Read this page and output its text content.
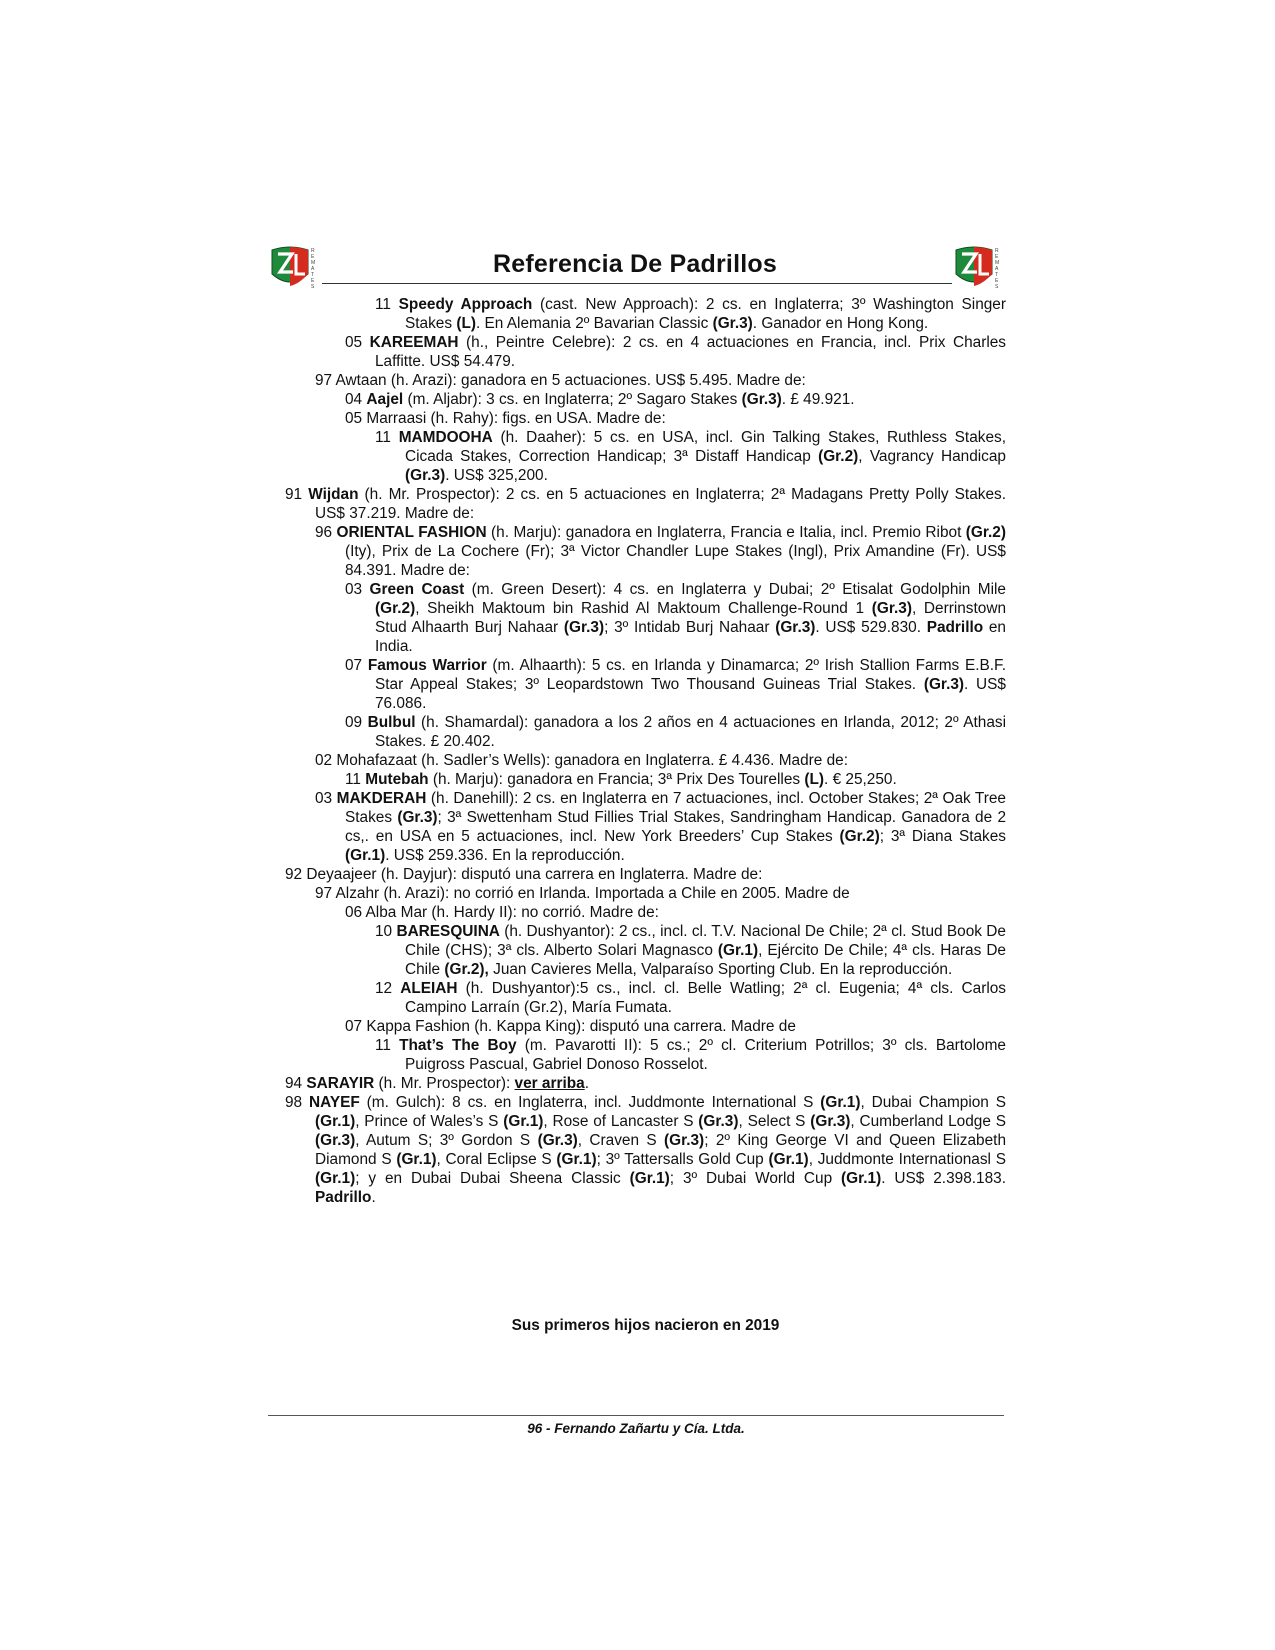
R
E
M
A
T
E
S
R
E
M
A
T
E
S
Referencia De Padrillos

11 Speedy Approach (cast. New Approach): 2 cs. en Inglaterra; 3º Washington Singer Stakes (L). En Alemania 2º Bavarian Classic (Gr.3). Ganador en Hong Kong.

05 KAREEMAH (h., Peintre Celebre): 2 cs. en 4 actuaciones en Francia, incl. Prix Charles Laffitte. US$ 54.479.

97 Awtaan (h. Arazi): ganadora en 5 actuaciones. US$ 5.495. Madre de:

04 Aajel (m. Aljabr): 3 cs. en Inglaterra; 2º Sagaro Stakes (Gr.3). £ 49.921.

05 Marraasi (h. Rahy): figs. en USA. Madre de:

11 MAMDOOHA (h. Daaher): 5 cs. en USA, incl. Gin Talking Stakes, Ruthless Stakes, Cicada Stakes, Correction Handicap; 3ª Distaff Handicap (Gr.2), Vagrancy Handicap (Gr.3). US$ 325,200.

91 Wijdan (h. Mr. Prospector): 2 cs. en 5 actuaciones en Inglaterra; 2ª Madagans Pretty Polly Stakes. US$ 37.219. Madre de:

96 ORIENTAL FASHION (h. Marju): ganadora en Inglaterra, Francia e Italia, incl. Premio Ribot (Gr.2)(Ity), Prix de La Cochere (Fr); 3ª Victor Chandler Lupe Stakes (Ingl), Prix Amandine (Fr). US$ 84.391. Madre de:

03 Green Coast (m. Green Desert): 4 cs. en Inglaterra y Dubai; 2º Etisalat Godolphin Mile (Gr.2), Sheikh Maktoum bin Rashid Al Maktoum Challenge-Round 1 (Gr.3), Derrinstown Stud Alhaarth Burj Nahaar (Gr.3); 3º Intidab Burj Nahaar (Gr.3). US$ 529.830. Padrillo en India.

07 Famous Warrior (m. Alhaarth): 5 cs. en Irlanda y Dinamarca; 2º Irish Stallion Farms E.B.F. Star Appeal Stakes; 3º Leopardstown Two Thousand Guineas Trial Stakes. (Gr.3). US$ 76.086.

09 Bulbul (h. Shamardal): ganadora a los 2 años en 4 actuaciones en Irlanda, 2012; 2º Athasi Stakes. £ 20.402.

02 Mohafazaat (h. Sadler’s Wells): ganadora en Inglaterra. £ 4.436. Madre de:

11 Mutebah (h. Marju): ganadora en Francia; 3ª Prix Des Tourelles (L). € 25,250.

03 MAKDERAH (h. Danehill): 2 cs. en Inglaterra en 7 actuaciones, incl. October Stakes; 2ª Oak Tree Stakes (Gr.3); 3ª Swettenham Stud Fillies Trial Stakes, Sandringham Handicap. Ganadora de 2 cs,. en USA en 5 actuaciones, incl. New York Breeders’ Cup Stakes (Gr.2); 3ª Diana Stakes (Gr.1). US$ 259.336. En la reproducción.

92 Deyaajeer (h. Dayjur): disputó una carrera en Inglaterra. Madre de:

97 Alzahr (h. Arazi): no corrió en Irlanda. Importada a Chile en 2005. Madre de

06 Alba Mar (h. Hardy II): no corrió. Madre de:

10 BARESQUINA (h. Dushyantor): 2 cs., incl. cl. T.V. Nacional De Chile; 2ª cl. Stud Book De Chile (CHS); 3ª cls. Alberto Solari Magnasco (Gr.1), Ejército De Chile; 4ª cls. Haras De Chile (Gr.2), Juan Cavieres Mella, Valparaíso Sporting Club. En la reproducción.

12 ALEIAH (h. Dushyantor):5 cs., incl. cl. Belle Watling; 2ª cl. Eugenia; 4ª cls. Carlos Campino Larraín (Gr.2), María Fumata.

07 Kappa Fashion (h. Kappa King): disputó una carrera. Madre de

11 That’s The Boy (m. Pavarotti II): 5 cs.; 2º cl. Criterium Potrillos; 3º cls. Bartolome Puigross Pascual, Gabriel Donoso Rosselot.

94 SARAYIR (h. Mr. Prospector): ver arriba.

98 NAYEF (m. Gulch): 8 cs. en Inglaterra, incl. Juddmonte International S (Gr.1), Dubai Champion S (Gr.1), Prince of Wales’s S (Gr.1), Rose of Lancaster S (Gr.3), Select S (Gr.3), Cumberland Lodge S (Gr.3), Autum S; 3º Gordon S (Gr.3), Craven S (Gr.3); 2º King George VI and Queen Elizabeth Diamond S (Gr.1), Coral Eclipse S (Gr.1); 3º Tattersalls Gold Cup (Gr.1), Juddmonte Internationasl S (Gr.1); y en Dubai Dubai Sheena Classic (Gr.1); 3º Dubai World Cup (Gr.1). US$ 2.398.183. Padrillo.

Sus primeros hijos nacieron en 2019
96 - Fernando Zañartu y Cía. Ltda.
